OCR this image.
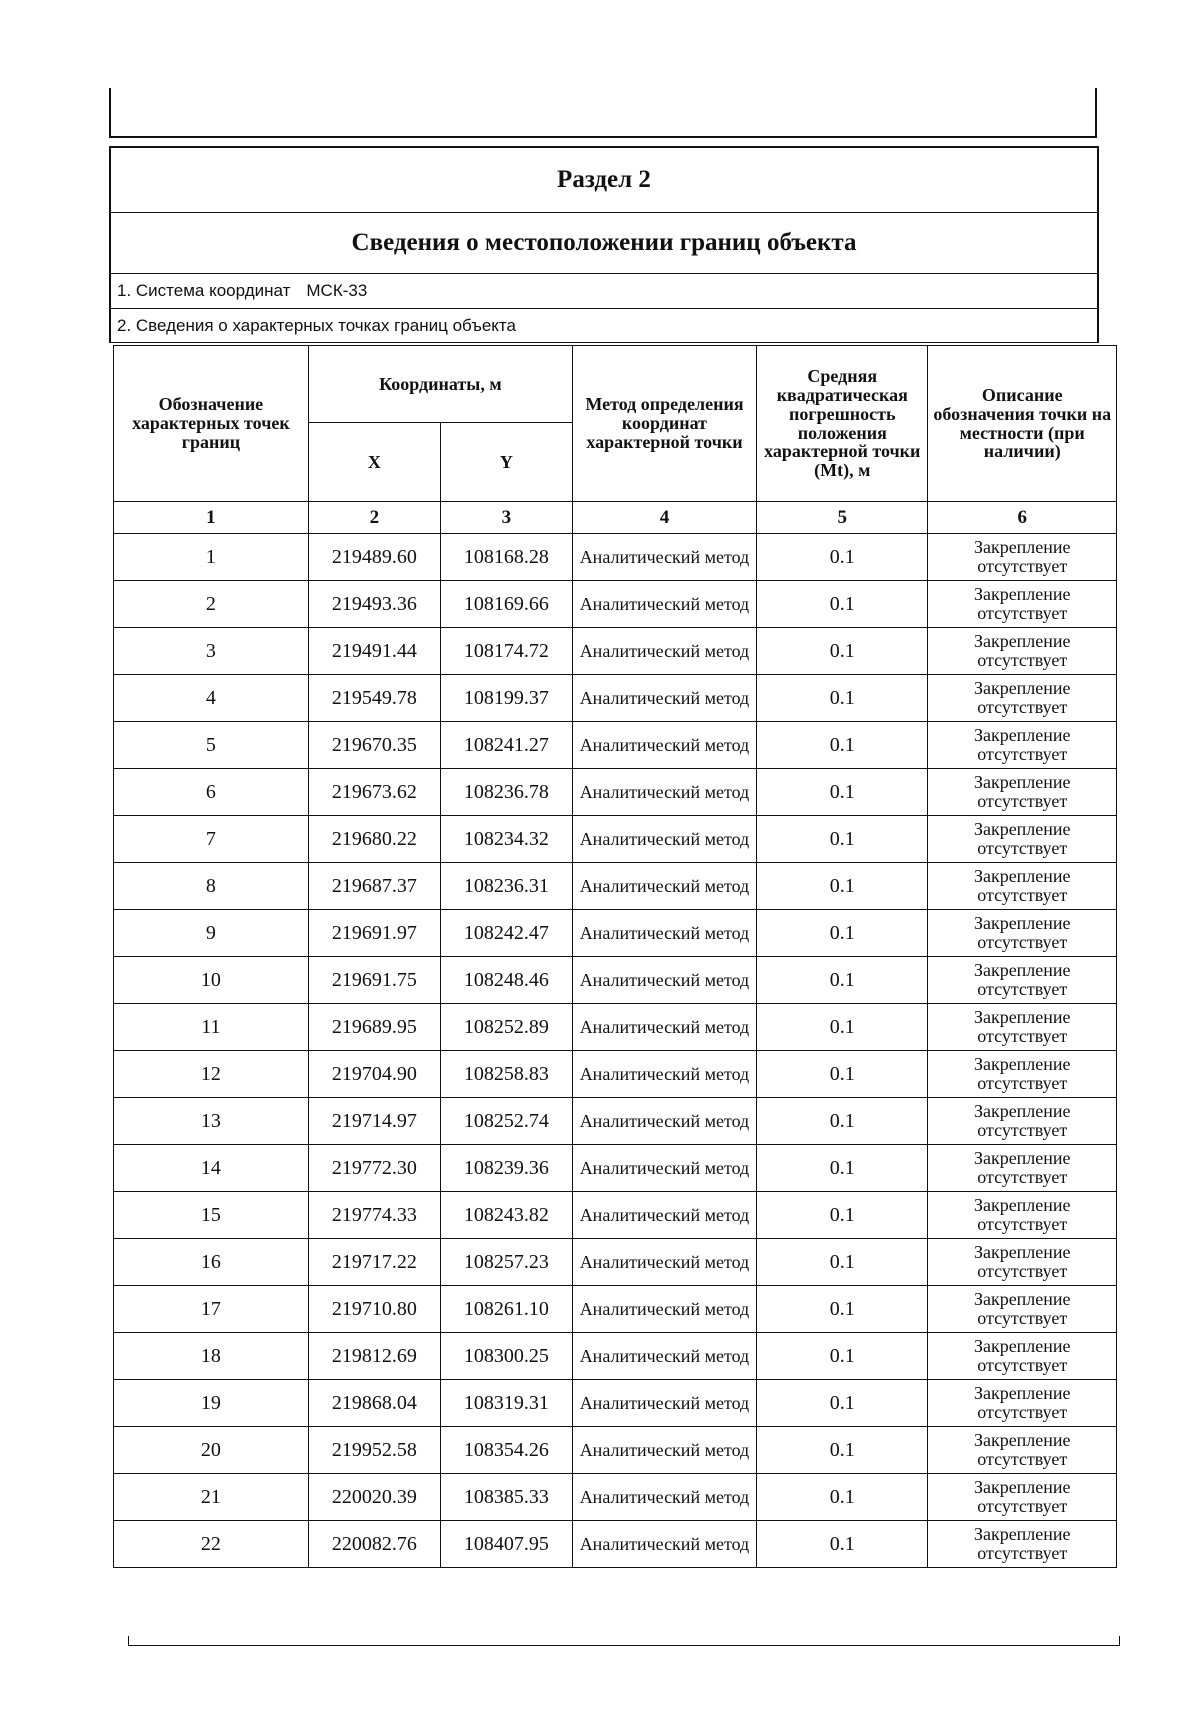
Раздел 2
Сведения о местоположении границ объекта
1. Система координат МСК-33
2. Сведения о характерных точках границ объекта
Обозначение характерных точек границ	Координаты, м		Метод определения координат характерной точки	Средняя квадратическая погрешность положения характерной точки (Mt), м	Описание обозначения точки на местности (при наличии)
	X	Y			
1	2	3	4	5	6
1	219489.60	108168.28	Аналитический метод	0.1	Закрепление отсутствует
2	219493.36	108169.66	Аналитический метод	0.1	Закрепление отсутствует
3	219491.44	108174.72	Аналитический метод	0.1	Закрепление отсутствует
4	219549.78	108199.37	Аналитический метод	0.1	Закрепление отсутствует
5	219670.35	108241.27	Аналитический метод	0.1	Закрепление отсутствует
6	219673.62	108236.78	Аналитический метод	0.1	Закрепление отсутствует
7	219680.22	108234.32	Аналитический метод	0.1	Закрепление отсутствует
8	219687.37	108236.31	Аналитический метод	0.1	Закрепление отсутствует
9	219691.97	108242.47	Аналитический метод	0.1	Закрепление отсутствует
10	219691.75	108248.46	Аналитический метод	0.1	Закрепление отсутствует
11	219689.95	108252.89	Аналитический метод	0.1	Закрепление отсутствует
12	219704.90	108258.83	Аналитический метод	0.1	Закрепление отсутствует
13	219714.97	108252.74	Аналитический метод	0.1	Закрепление отсутствует
14	219772.30	108239.36	Аналитический метод	0.1	Закрепление отсутствует
15	219774.33	108243.82	Аналитический метод	0.1	Закрепление отсутствует
16	219717.22	108257.23	Аналитический метод	0.1	Закрепление отсутствует
17	219710.80	108261.10	Аналитический метод	0.1	Закрепление отсутствует
18	219812.69	108300.25	Аналитический метод	0.1	Закрепление отсутствует
19	219868.04	108319.31	Аналитический метод	0.1	Закрепление отсутствует
20	219952.58	108354.26	Аналитический метод	0.1	Закрепление отсутствует
21	220020.39	108385.33	Аналитический метод	0.1	Закрепление отсутствует
22	220082.76	108407.95	Аналитический метод	0.1	Закрепление отсутствует
